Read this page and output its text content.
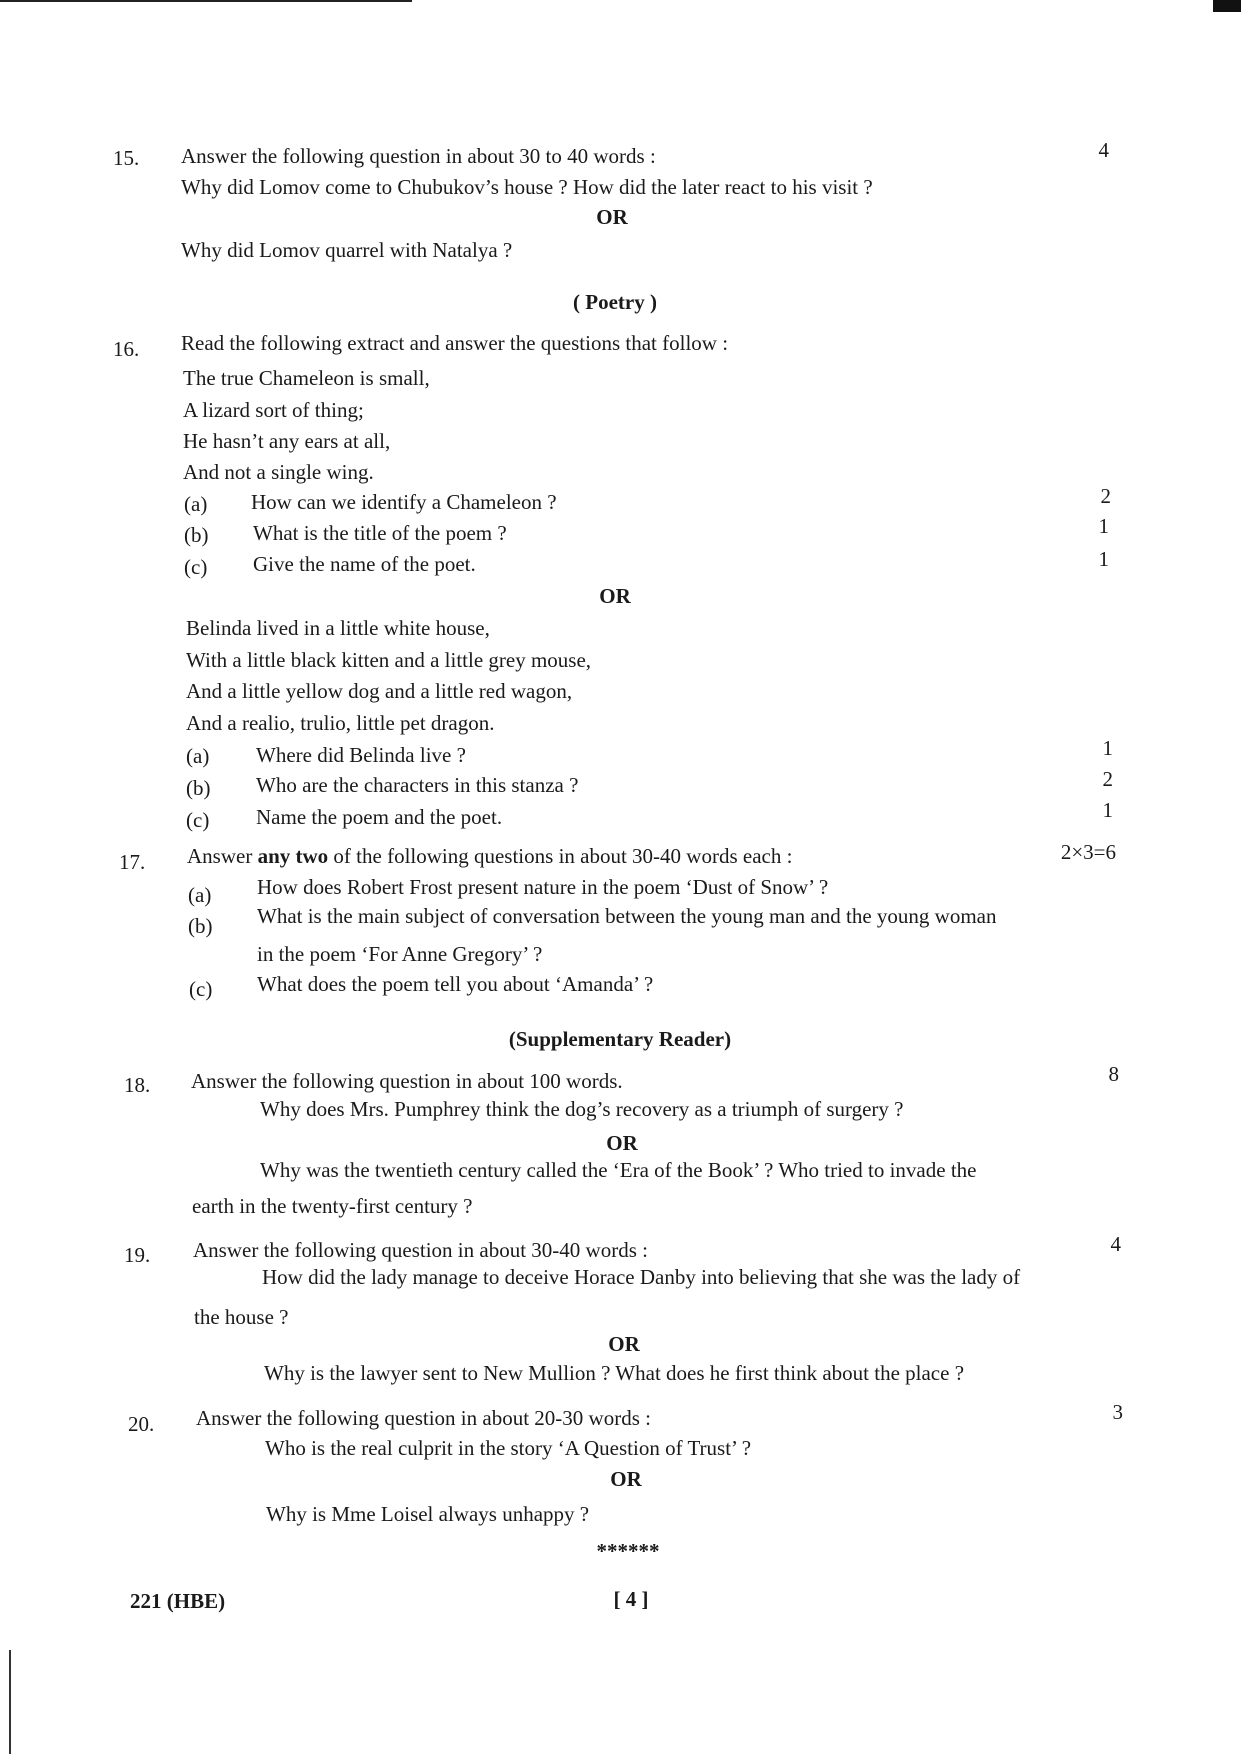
15. Answer the following question in about 30 to 40 words :	4
Why did Lomov come to Chubukov’s house ? How did the later react to his visit ?
OR
Why did Lomov quarrel with Natalya ?
( Poetry )
16. Read the following extract and answer the questions that follow :
The true Chameleon is small,
A lizard sort of thing;
He hasn’t any ears at all,
And not a single wing.
(a) How can we identify a Chameleon ?	2
(b) What is the title of the poem ?	1
(c) Give the name of the poet.	1
OR
Belinda lived in a little white house,
With a little black kitten and a little grey mouse,
And a little yellow dog and a little red wagon,
And a realio, trulio, little pet dragon.
(a) Where did Belinda live ?	1
(b) Who are the characters in this stanza ?	2
(c) Name the poem and the poet.	1
17. Answer any two of the following questions in about 30-40 words each :	2×3=6
(a) How does Robert Frost present nature in the poem ‘Dust of Snow’ ?
(b) What is the main subject of conversation between the young man and the young woman
in the poem ‘For Anne Gregory’ ?
(c) What does the poem tell you about ‘Amanda’ ?
(Supplementary Reader)
18. Answer the following question in about 100 words.	8
Why does Mrs. Pumphrey think the dog’s recovery as a triumph of surgery ?
OR
Why was the twentieth century called the ‘Era of the Book’ ? Who tried to invade the
earth in the twenty-first century ?
19. Answer the following question in about 30-40 words :	4
How did the lady manage to deceive Horace Danby into believing that she was the lady of
the house ?
OR
Why is the lawyer sent to New Mullion ? What does he first think about the place ?
20. Answer the following question in about 20-30 words :	3
Who is the real culprit in the story ‘A Question of Trust’ ?
OR
Why is Mme Loisel always unhappy ?
******
221 (HBE)	[ 4 ]
